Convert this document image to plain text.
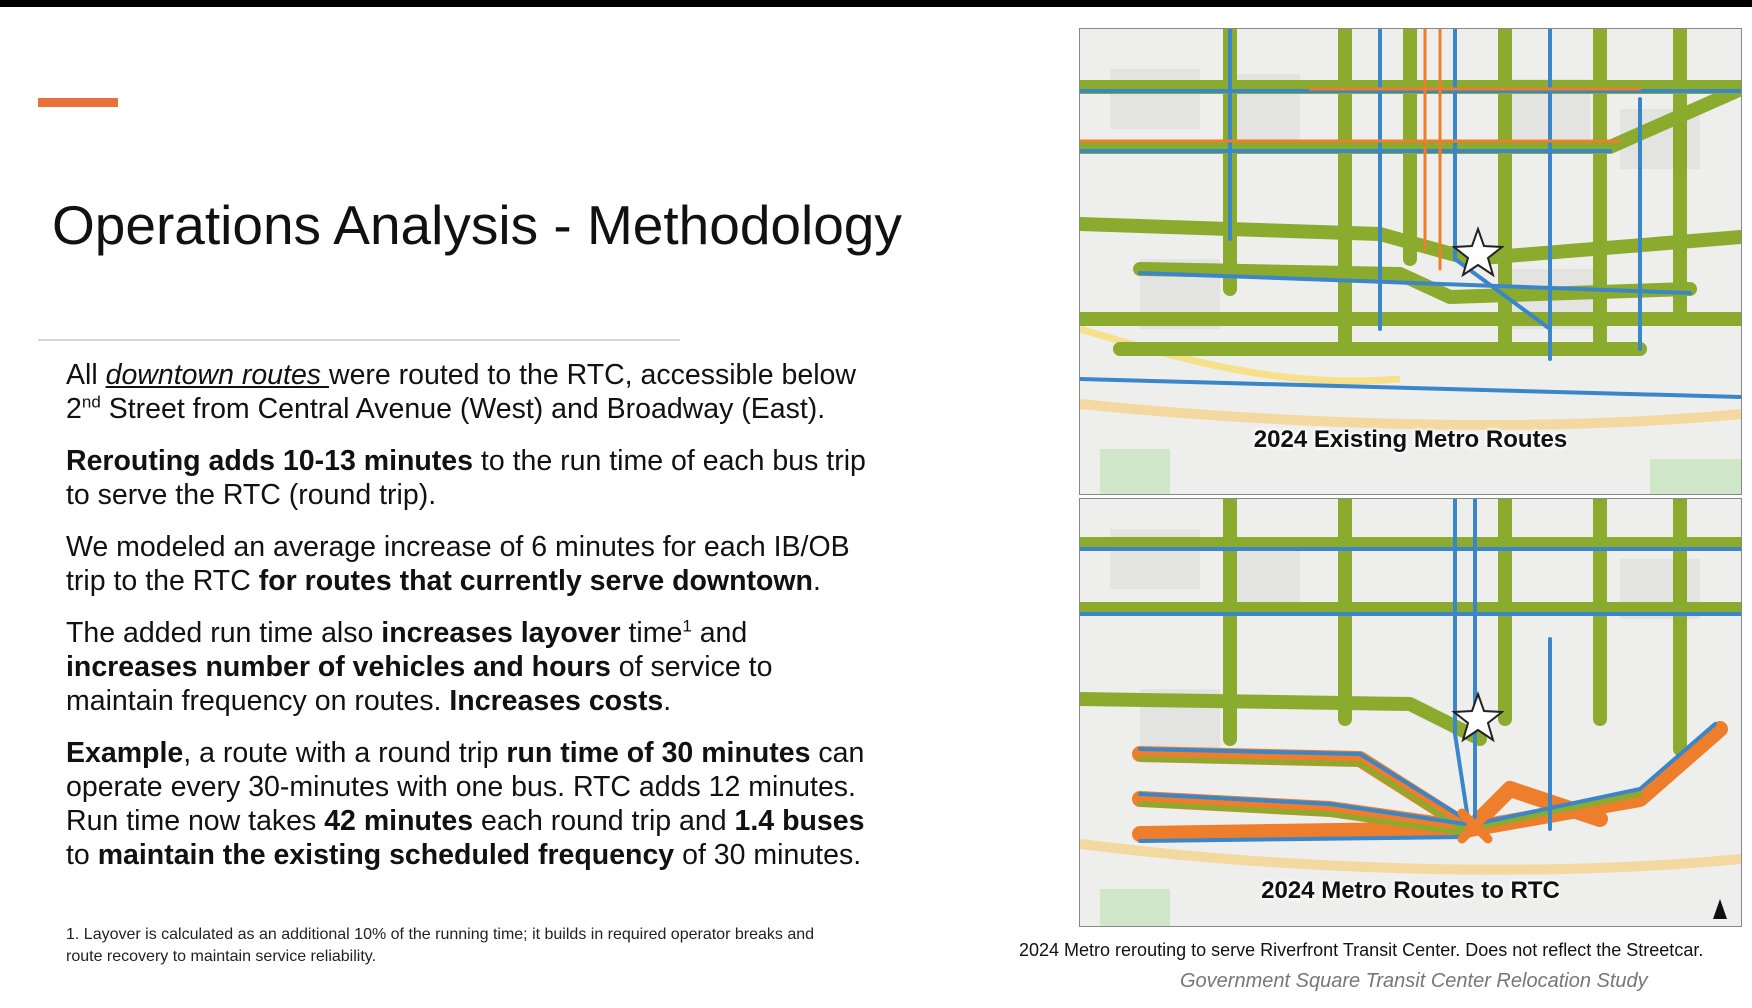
Operations Analysis - Methodology

All downtown routes were routed to the RTC, accessible below
2nd Street from Central Avenue (West) and Broadway (East).

Rerouting adds 10-13 minutes to the run time of each bus trip
to serve the RTC (round trip).

We modeled an average increase of 6 minutes for each IB/OB
trip to the RTC for routes that currently serve downtown.

The added run time also increases layover time$^1$ and
increases number of vehicles and hours of service to
maintain frequency on routes. Increases costs.

Example, a route with a round trip run time of 30 minutes can
operate every 30-minutes with one bus. RTC adds 12 minutes.
Run time now takes 42 minutes each round trip and 1.4 buses
to maintain the existing scheduled frequency of 30 minutes.

1. Layover is calculated as an additional 10% of the running time; it builds in required operator breaks and
route recovery to maintain service reliability.
2024 Existing Metro Routes
2024 Metro Routes to RTC
2024 Metro rerouting to serve Riverfront Transit Center. Does not reflect the Streetcar.
Government Square Transit Center Relocation Study
